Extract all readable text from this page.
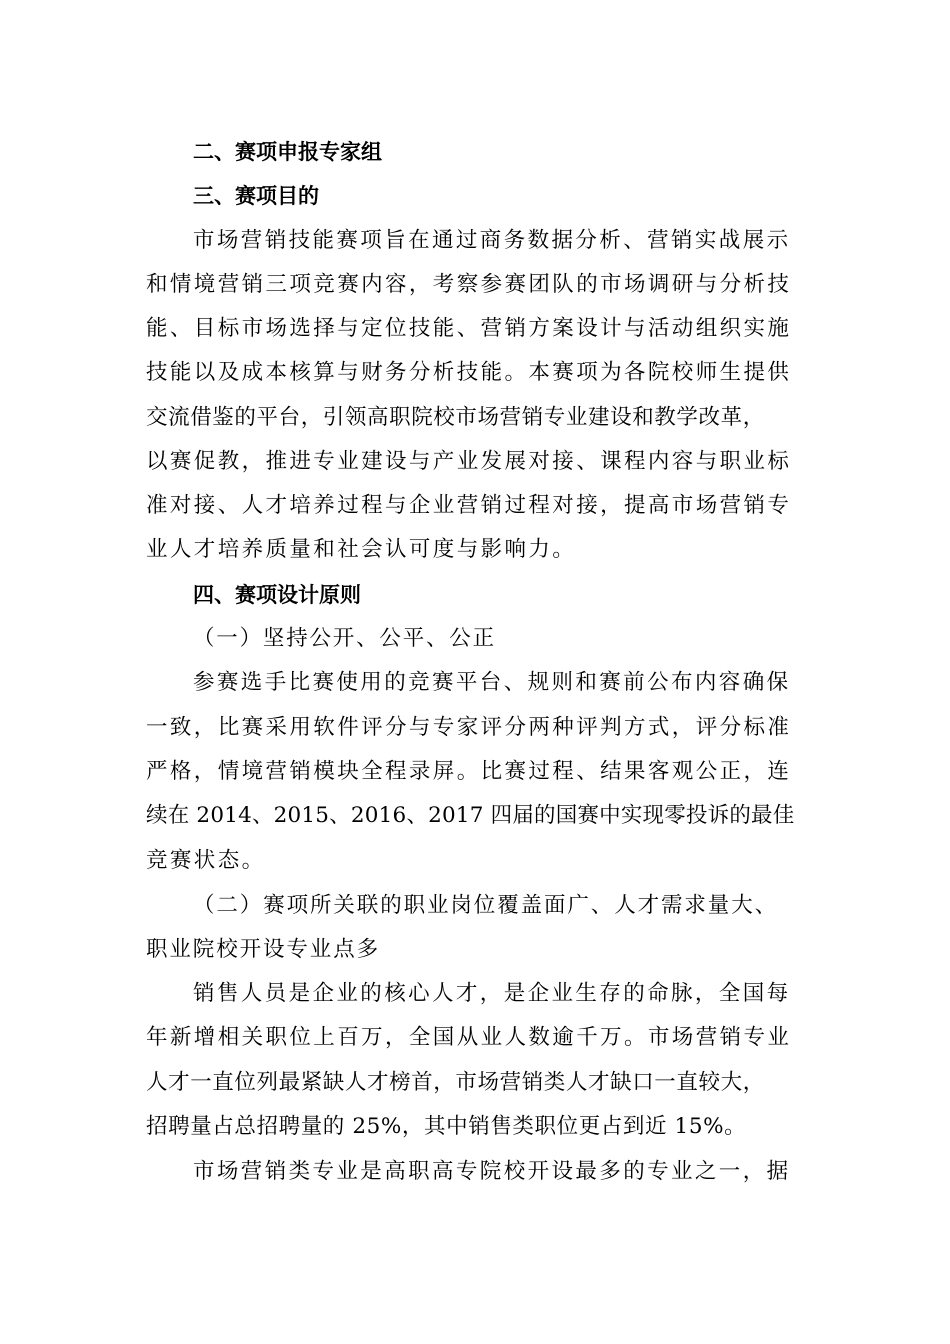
二、赛项申报专家组
三、赛项目的
市场营销技能赛项旨在通过商务数据分析、营销实战展示
和情境营销三项竞赛内容，考察参赛团队的市场调研与分析技
能、目标市场选择与定位技能、营销方案设计与活动组织实施
技能以及成本核算与财务分析技能。本赛项为各院校师生提供
交流借鉴的平台，引领高职院校市场营销专业建设和教学改革，
以赛促教，推进专业建设与产业发展对接、课程内容与职业标
准对接、人才培养过程与企业营销过程对接，提高市场营销专
业人才培养质量和社会认可度与影响力。
四、赛项设计原则
（一）坚持公开、公平、公正
参赛选手比赛使用的竞赛平台、规则和赛前公布内容确保
一致，比赛采用软件评分与专家评分两种评判方式，评分标准
严格，情境营销模块全程录屏。比赛过程、结果客观公正，连
续在 2014、2015、2016、2017 四届的国赛中实现零投诉的最佳
竞赛状态。
（二）赛项所关联的职业岗位覆盖面广、人才需求量大、
职业院校开设专业点多
销售人员是企业的核心人才，是企业生存的命脉，全国每
年新增相关职位上百万，全国从业人数逾千万。市场营销专业
人才一直位列最紧缺人才榜首，市场营销类人才缺口一直较大，
招聘量占总招聘量的 25%，其中销售类职位更占到近 15%。
市场营销类专业是高职高专院校开设最多的专业之一，据
